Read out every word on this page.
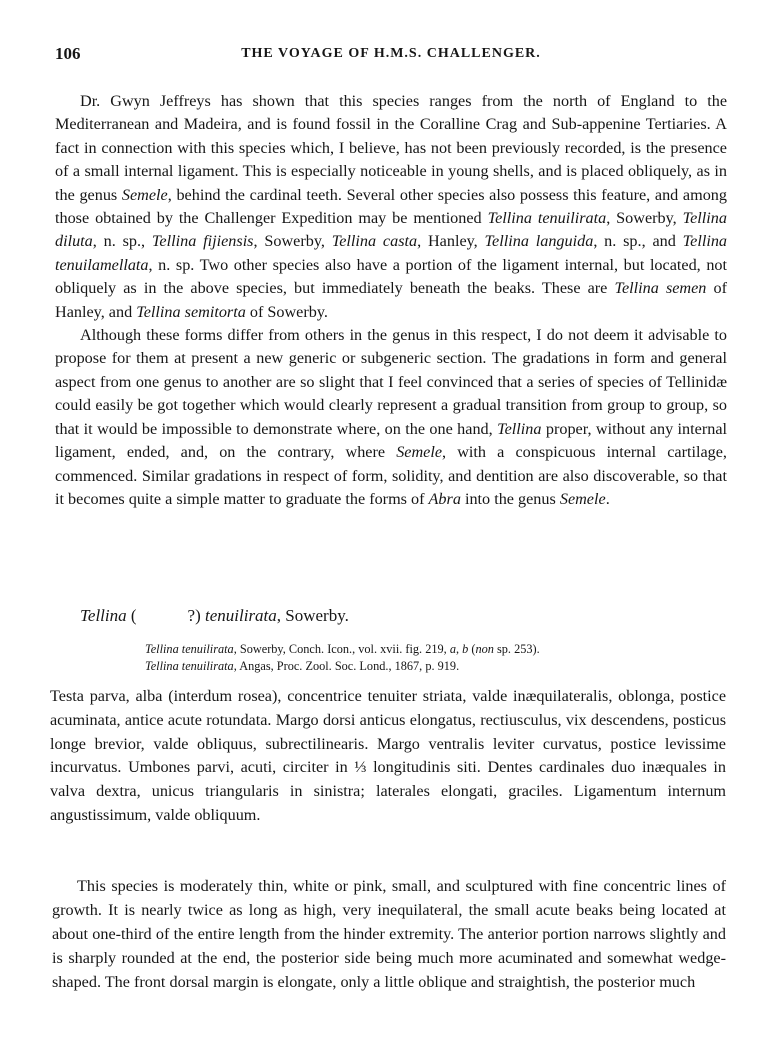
106	THE VOYAGE OF H.M.S. CHALLENGER.

Dr. Gwyn Jeffreys has shown that this species ranges from the north of England to the Mediterranean and Madeira, and is found fossil in the Coralline Crag and Sub-appenine Tertiaries. A fact in connection with this species which, I believe, has not been previously recorded, is the presence of a small internal ligament. This is especially noticeable in young shells, and is placed obliquely, as in the genus Semele, behind the cardinal teeth. Several other species also possess this feature, and among those obtained by the Challenger Expedition may be mentioned Tellina tenuilirata, Sowerby, Tellina diluta, n. sp., Tellina fijiensis, Sowerby, Tellina casta, Hanley, Tellina languida, n. sp., and Tellina tenuilamellata, n. sp. Two other species also have a portion of the ligament internal, but located, not obliquely as in the above species, but immediately beneath the beaks. These are Tellina semen of Hanley, and Tellina semitorta of Sowerby.

Although these forms differ from others in the genus in this respect, I do not deem it advisable to propose for them at present a new generic or subgeneric section. The gradations in form and general aspect from one genus to another are so slight that I feel convinced that a series of species of Tellinidæ could easily be got together which would clearly represent a gradual transition from group to group, so that it would be impossible to demonstrate where, on the one hand, Tellina proper, without any internal ligament, ended, and, on the contrary, where Semele, with a conspicuous internal cartilage, commenced. Similar gradations in respect of form, solidity, and dentition are also discoverable, so that it becomes quite a simple matter to graduate the forms of Abra into the genus Semele.

Tellina (	?) tenuilirata, Sowerby.
Tellina tenuilirata, Sowerby, Conch. Icon., vol. xvii. fig. 219, a, b (non sp. 253).
Tellina tenuilirata, Angas, Proc. Zool. Soc. Lond., 1867, p. 919.

Testa parva, alba (interdum rosea), concentrice tenuiter striata, valde inæquilateralis, oblonga, postice acuminata, antice acute rotundata. Margo dorsi anticus elongatus, rectiusculus, vix descendens, posticus longe brevior, valde obliquus, subrectilinearis. Margo ventralis leviter curvatus, postice levissime incurvatus. Umbones parvi, acuti, circiter in ⅓ longitudinis siti. Dentes cardinales duo inæquales in valva dextra, unicus triangularis in sinistra; laterales elongati, graciles. Ligamentum internum angustissimum, valde obliquum.

This species is moderately thin, white or pink, small, and sculptured with fine concentric lines of growth. It is nearly twice as long as high, very inequilateral, the small acute beaks being located at about one-third of the entire length from the hinder extremity. The anterior portion narrows slightly and is sharply rounded at the end, the posterior side being much more acuminated and somewhat wedge-shaped. The front dorsal margin is elongate, only a little oblique and straightish, the posterior much
